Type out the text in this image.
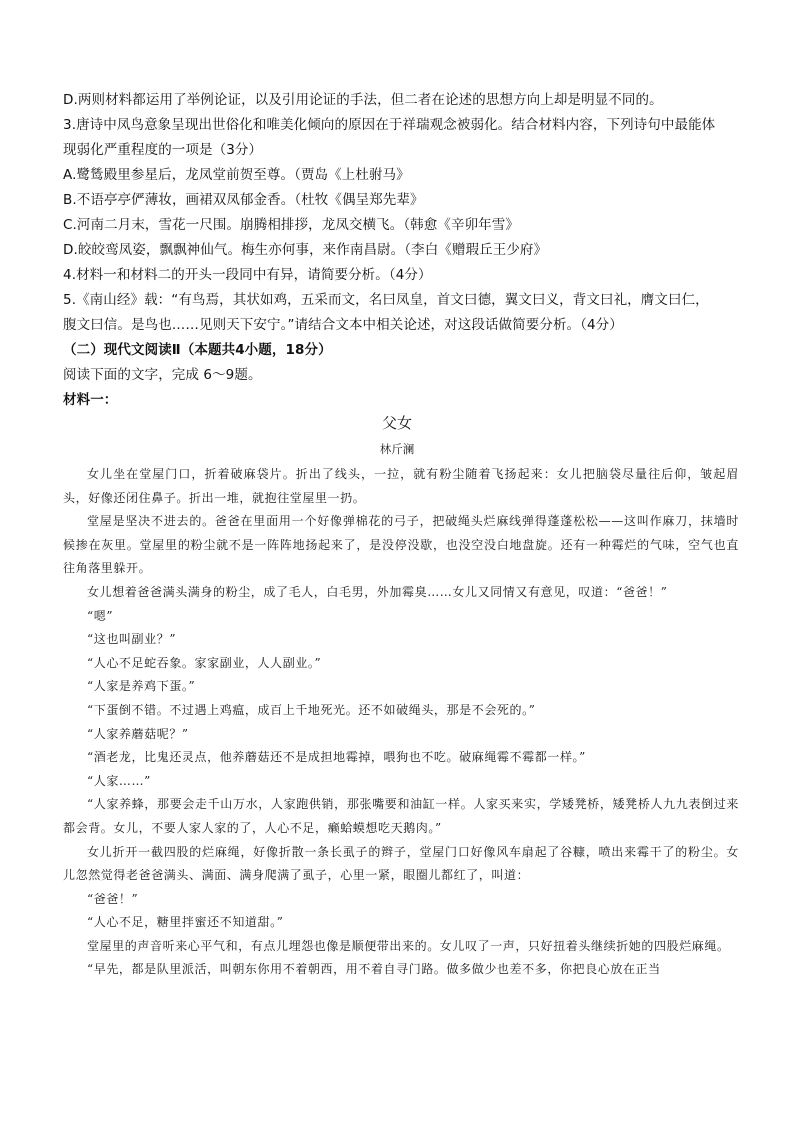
D.两则材料都运用了举例论证，以及引用论证的手法，但二者在论述的思想方向上却是明显不同的。
3.唐诗中凤鸟意象呈现出世俗化和唯美化倾向的原因在于祥瑞观念被弱化。结合材料内容，下列诗句中最能体
现弱化严重程度的一项是（3分）
A.鹭鸶殿里参星后，龙凤堂前贺至尊。（贾岛《上杜驸马》
B.不语亭亭俨薄妆，画裙双凤郁金香。（杜牧《偶呈郑先辈》
C.河南二月末，雪花一尺围。崩腾相排拶，龙凤交横飞。（韩愈《辛卯年雪》
D.皎皎鸾凤姿，飘飘神仙气。梅生亦何事，来作南昌尉。（李白《赠瑕丘王少府》
4.材料一和材料二的开头一段同中有异，请简要分析。（4分）
5.《南山经》载：“有鸟焉，其状如鸡，五采而文，名曰凤皇，首文曰德，翼文曰义，背文曰礼，膺文曰仁，
腹文曰信。是鸟也……见则天下安宁。”请结合文本中相关论述，对这段话做简要分析。（4分）
（二）现代文阅读Ⅱ（本题共4小题，18分）
阅读下面的文字，完成 6～9题。
材料一：
父女
林斤澜

女儿坐在堂屋门口，折着破麻袋片。折出了线头，一拉，就有粉尘随着飞扬起来：女儿把脑袋尽量往后仰，皱起眉头，好像还闭住鼻子。折出一堆，就抱往堂屋里一扔。

堂屋是坚决不进去的。爸爸在里面用一个好像弹棉花的弓子，把破绳头烂麻线弹得蓬蓬松松——这叫作麻刀，抹墙时候掺在灰里。堂屋里的粉尘就不是一阵阵地扬起来了，是没停没歇，也没空没白地盘旋。还有一种霉烂的气味，空气也直往角落里躲开。

女儿想着爸爸满头满身的粉尘，成了毛人，白毛男，外加霉臭……女儿又同情又有意见，叹道：“爸爸！”

“嗯”

“这也叫副业？”

“人心不足蛇吞象。家家副业，人人副业。”

“人家是养鸡下蛋。”

“下蛋倒不错。不过遇上鸡瘟，成百上千地死光。还不如破绳头，那是不会死的。”

“人家养蘑菇呢？”

“酒老龙，比鬼还灵点，他养蘑菇还不是成担地霉掉，喂狗也不吃。破麻绳霉不霉都一样。”

“人家……”

“人家养蜂，那要会走千山万水，人家跑供销，那张嘴要和油缸一样。人家买来实，学矮凳桥，矮凳桥人九九表倒过来都会背。女儿，不要人家人家的了，人心不足，癞蛤蟆想吃天鹅肉。”

女儿折开一截四股的烂麻绳，好像折散一条长虱子的辫子，堂屋门口好像风车扇起了谷糠，喷出来霉干了的粉尘。女儿忽然觉得老爸爸满头、满面、满身爬满了虱子，心里一紧，眼圈儿都红了，叫道：

“爸爸！”

“人心不足，糖里拌蜜还不知道甜。”

堂屋里的声音听来心平气和，有点儿埋怨也像是顺便带出来的。女儿叹了一声，只好扭着头继续折她的四股烂麻绳。

“早先，都是队里派活，叫朝东你用不着朝西，用不着自寻门路。做多做少也差不多，你把良心放在正当
